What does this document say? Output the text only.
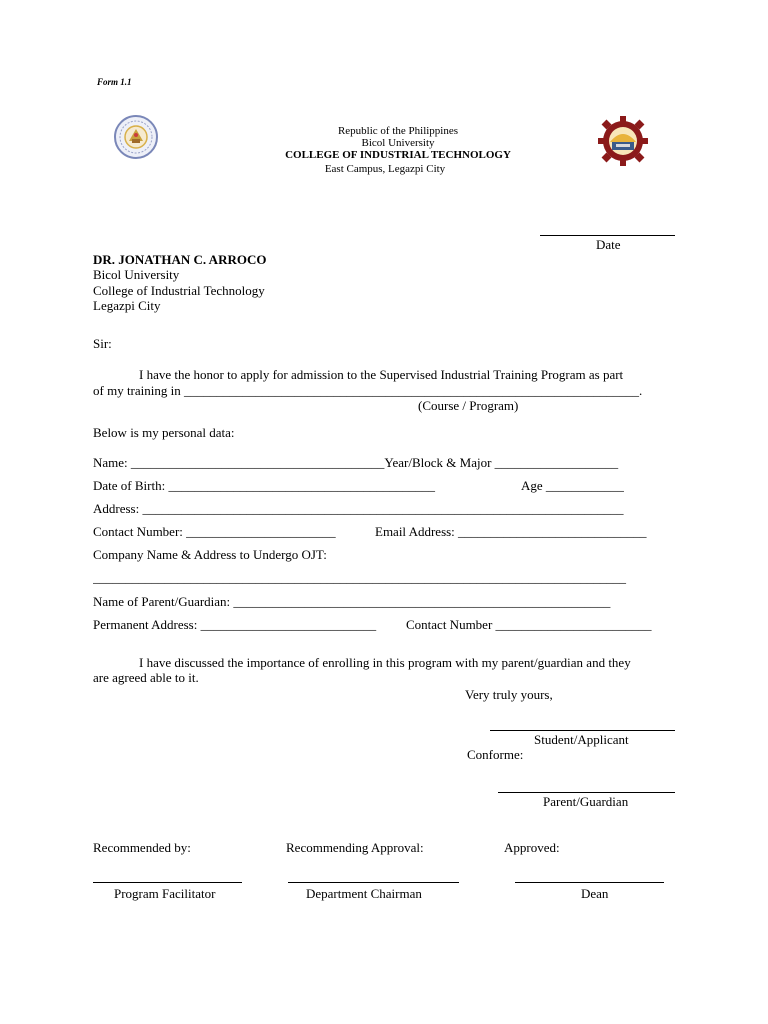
Form 1.1
Republic of the Philippines
Bicol University
COLLEGE OF INDUSTRIAL TECHNOLOGY
East Campus, Legazpi City
Date
DR. JONATHAN C. ARROCO
Bicol University
College of Industrial Technology
Legazpi City
Sir:
I have the honor to apply for admission to the Supervised Industrial Training Program as part
of my training in ______________________________________________________________________.
(Course / Program)
Below is my personal data:
Name: _______________________________________Year/Block & Major ___________________
Date of Birth: _________________________________________	Age ____________
Address: __________________________________________________________________________
Contact Number: _______________________	Email Address: _____________________________
Company Name & Address to Undergo OJT:
__________________________________________________________________________________
Name of Parent/Guardian: __________________________________________________________
Permanent Address: ___________________________ Contact Number ________________________
I have discussed the importance of enrolling in this program with my parent/guardian and they
are agreed able to it.
Very truly yours,
Student/Applicant
Conforme:
Parent/Guardian
Recommended by:	Recommending Approval:	Approved:
Program Facilitator	Department Chairman	Dean
